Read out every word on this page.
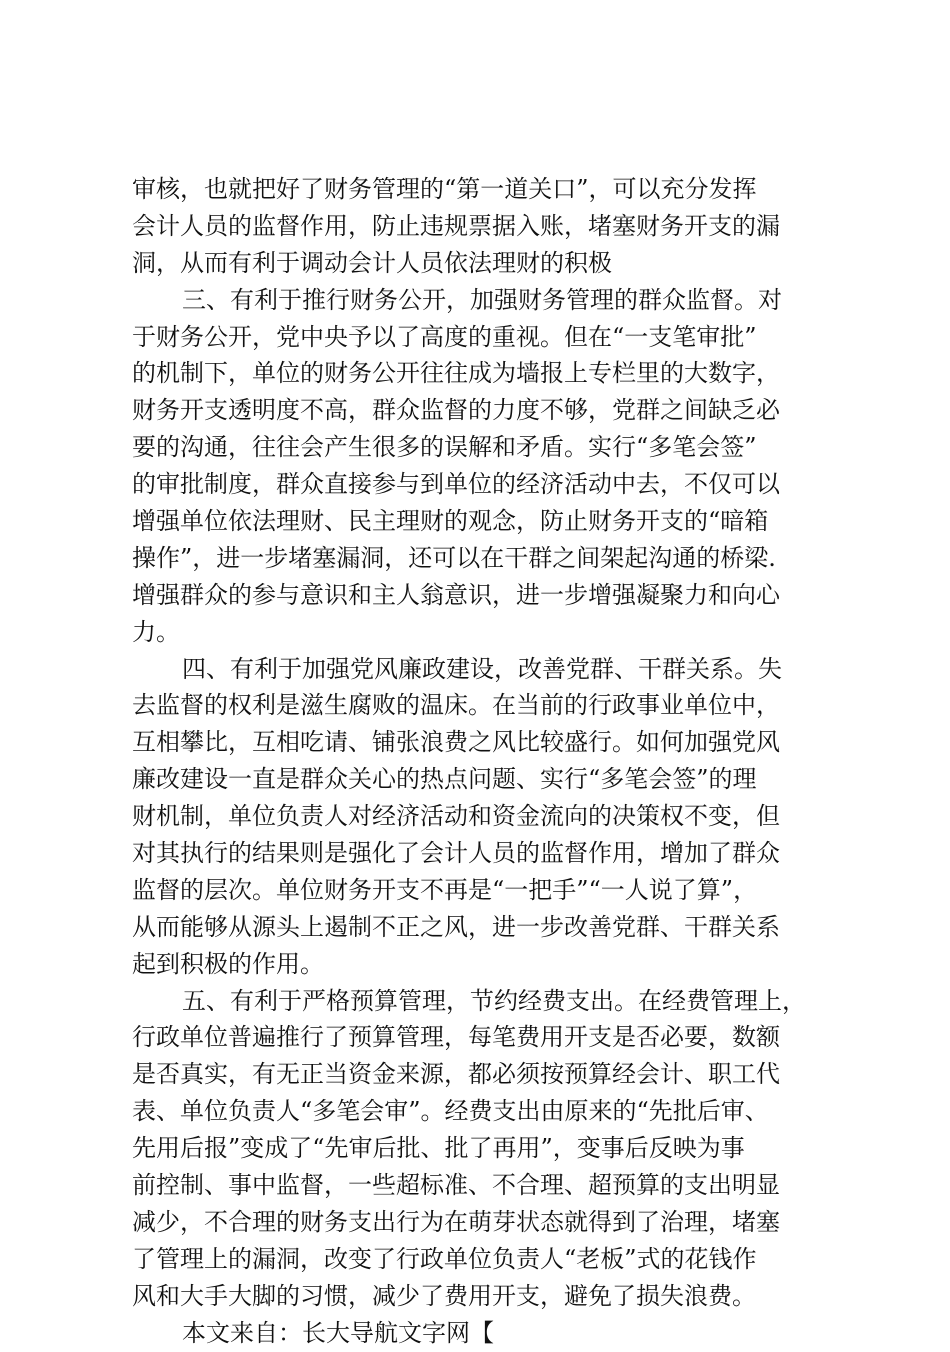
审核，也就把好了财务管理的“第一道关口”，可以充分发挥
会计人员的监督作用，防止违规票据入账，堵塞财务开支的漏
洞，从而有利于调动会计人员依法理财的积极
三、有利于推行财务公开，加强财务管理的群众监督。对
于财务公开，党中央予以了高度的重视。但在“一支笔审批”
的机制下，单位的财务公开往往成为墙报上专栏里的大数字，
财务开支透明度不高，群众监督的力度不够，党群之间缺乏必
要的沟通，往往会产生很多的误解和矛盾。实行“多笔会签”
的审批制度，群众直接参与到单位的经济活动中去，不仅可以
增强单位依法理财、民主理财的观念，防止财务开支的“暗箱
操作”，进一步堵塞漏洞，还可以在干群之间架起沟通的桥梁.
增强群众的参与意识和主人翁意识，进一步增强凝聚力和向心
力。
四、有利于加强党风廉政建设，改善党群、干群关系。失
去监督的权利是滋生腐败的温床。在当前的行政事业单位中，
互相攀比，互相吃请、铺张浪费之风比较盛行。如何加强党风
廉改建设一直是群众关心的热点问题、实行“多笔会签”的理
财机制，单位负责人对经济活动和资金流向的决策权不变，但
对其执行的结果则是强化了会计人员的监督作用，增加了群众
监督的层次。单位财务开支不再是“一把手”“一人说了算”，
从而能够从源头上遏制不正之风，进一步改善党群、干群关系
起到积极的作用。
五、有利于严格预算管理，节约经费支出。在经费管理上，
行政单位普遍推行了预算管理，每笔费用开支是否必要，数额
是否真实，有无正当资金来源，都必须按预算经会计、职工代
表、单位负责人“多笔会审”。经费支出由原来的“先批后审、
先用后报”变成了“先审后批、批了再用”，变事后反映为事
前控制、事中监督，一些超标准、不合理、超预算的支出明显
减少，不合理的财务支出行为在萌芽状态就得到了治理，堵塞
了管理上的漏洞，改变了行政单位负责人“老板”式的花钱作
风和大手大脚的习惯，减少了费用开支，避免了损失浪费。
本文来自：长大导航文字网【
